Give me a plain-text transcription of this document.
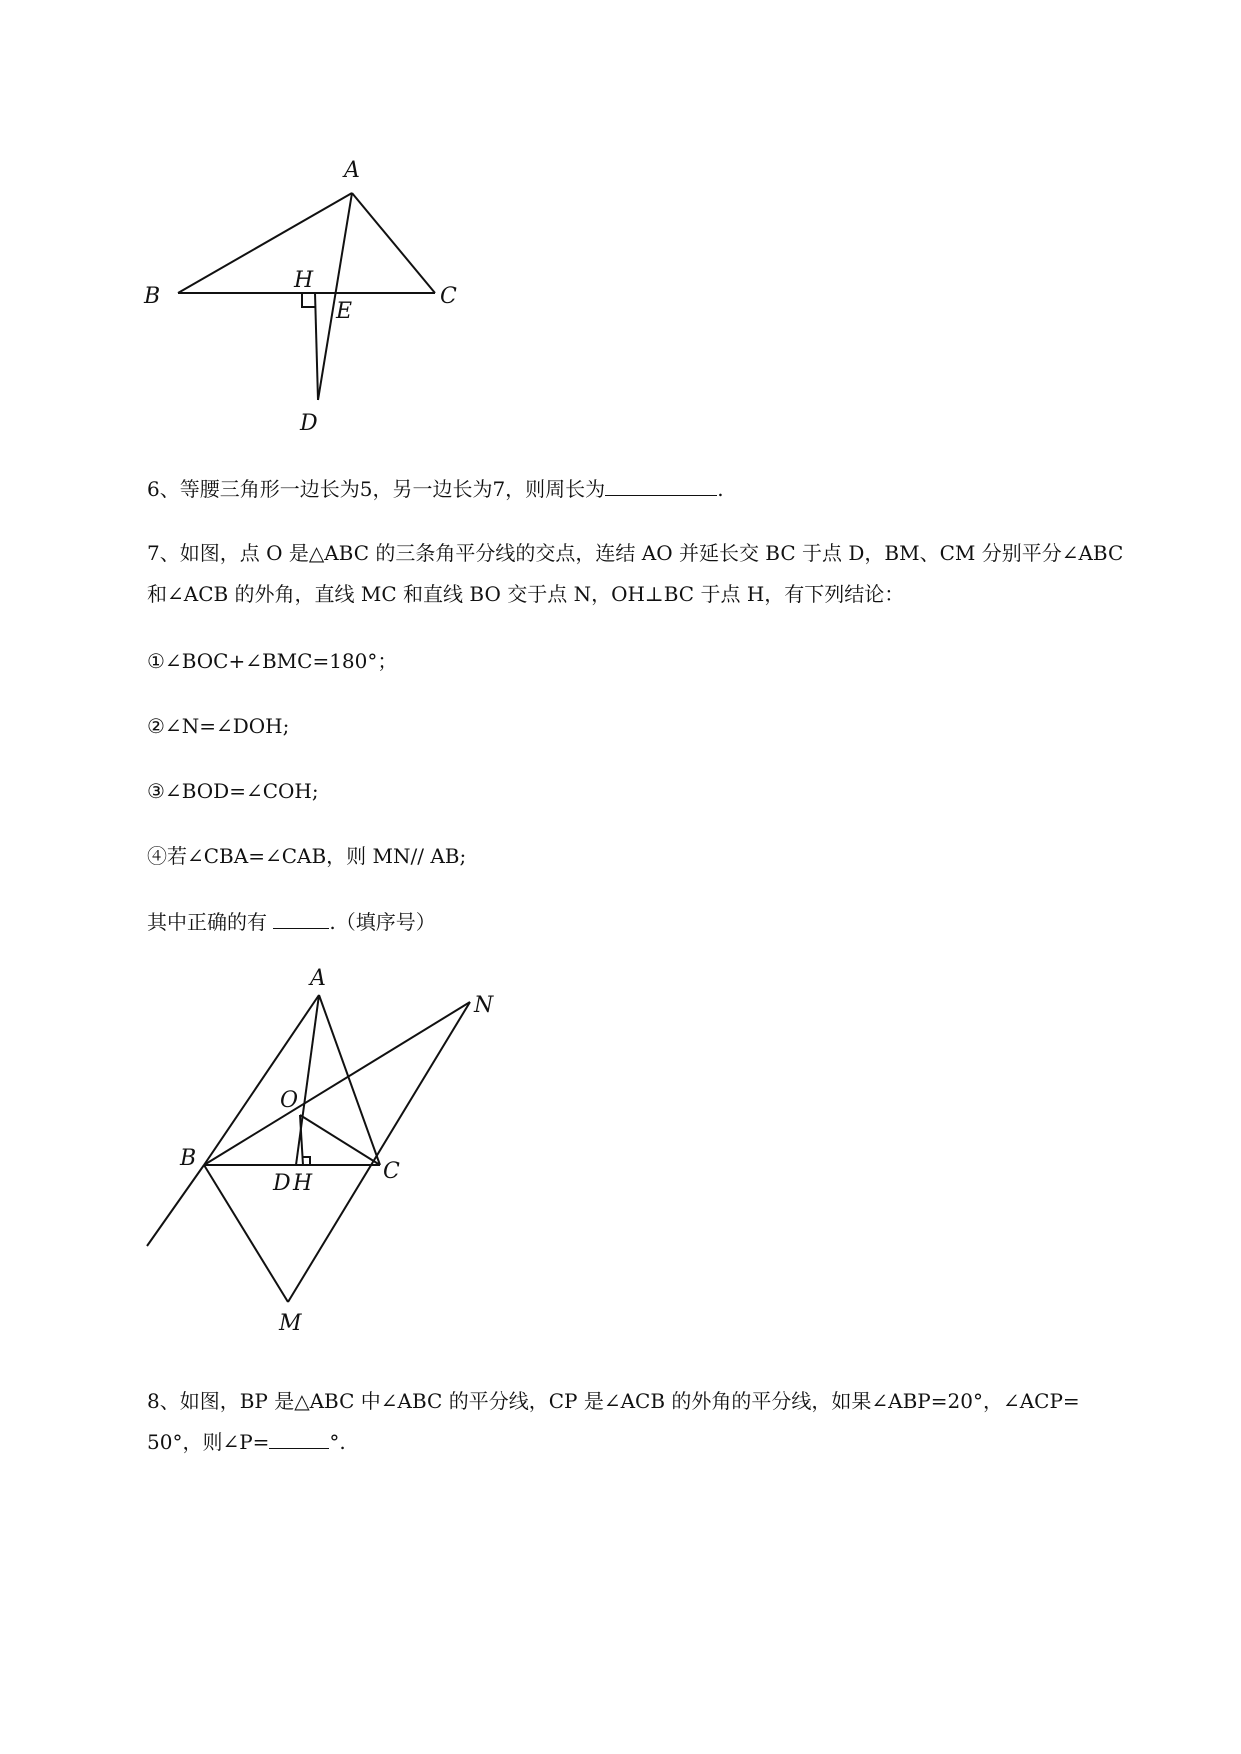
A
B	C
H
E
D
6、等腰三角形一边长为5，另一边长为7，则周长为	.
7、如图，点 O 是△ABC 的三条角平分线的交点，连结 AO 并延长交 BC 于点 D，BM、CM 分别平分∠ABC
和∠ACB 的外角，直线 MC 和直线 BO 交于点 N，OH⊥BC 于点 H，有下列结论：
①∠BOC+∠BMC=180°；
②∠N=∠DOH;
③∠BOD=∠COH;
④若∠CBA=∠CAB，则 MN// AB;
其中正确的有	.（填序号）
A
N
O
B
C
D H
M
8、如图，BP 是△ABC 中∠ABC 的平分线，CP 是∠ACB 的外角的平分线，如果∠ABP=20°，∠ACP=
50°，则∠P=	°.
